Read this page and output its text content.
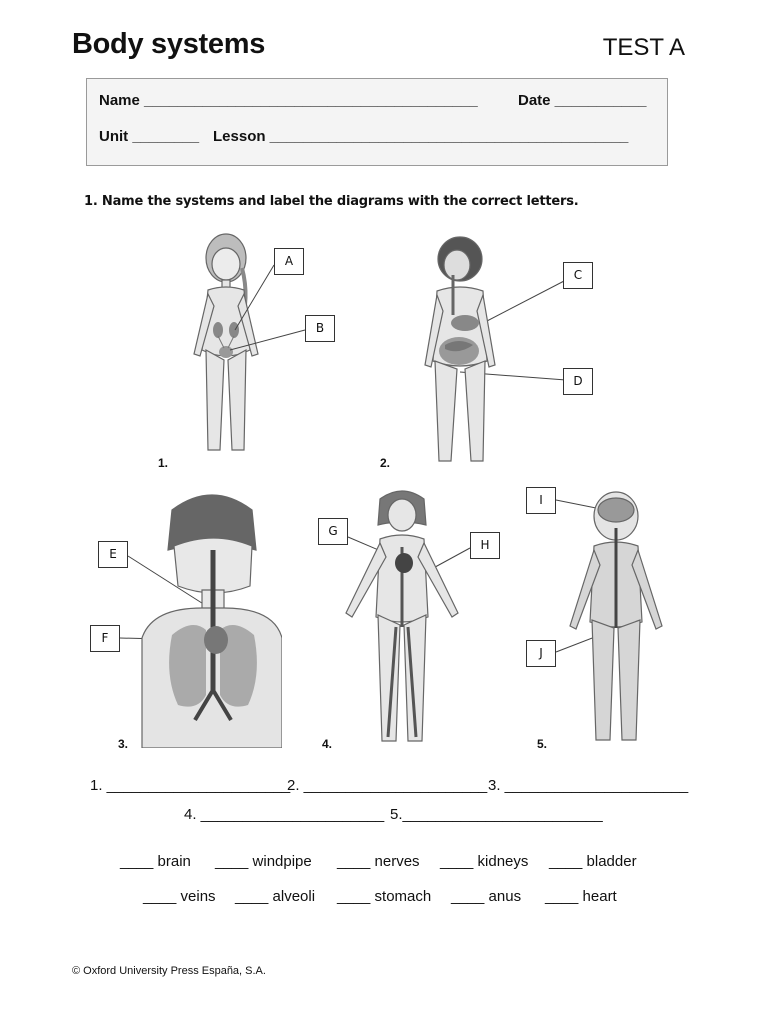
Body systems	TEST A
Name ________________________________________	Date ___________
Unit ________ Lesson ___________________________________________
1. Name the systems and label the diagrams with the correct letters.
A
B
1.
C
D
2.
E
F
3.
G
H
4.
I
J
5.
1. ______________________
2. ______________________ 3. ______________________
4. ______________________ 5.________________________
____ brain ____ windpipe ____ nerves ____ kidneys ____ bladder
____ veins ____ alveoli ____ stomach ____ anus ____ heart
© Oxford University Press España, S.A.
